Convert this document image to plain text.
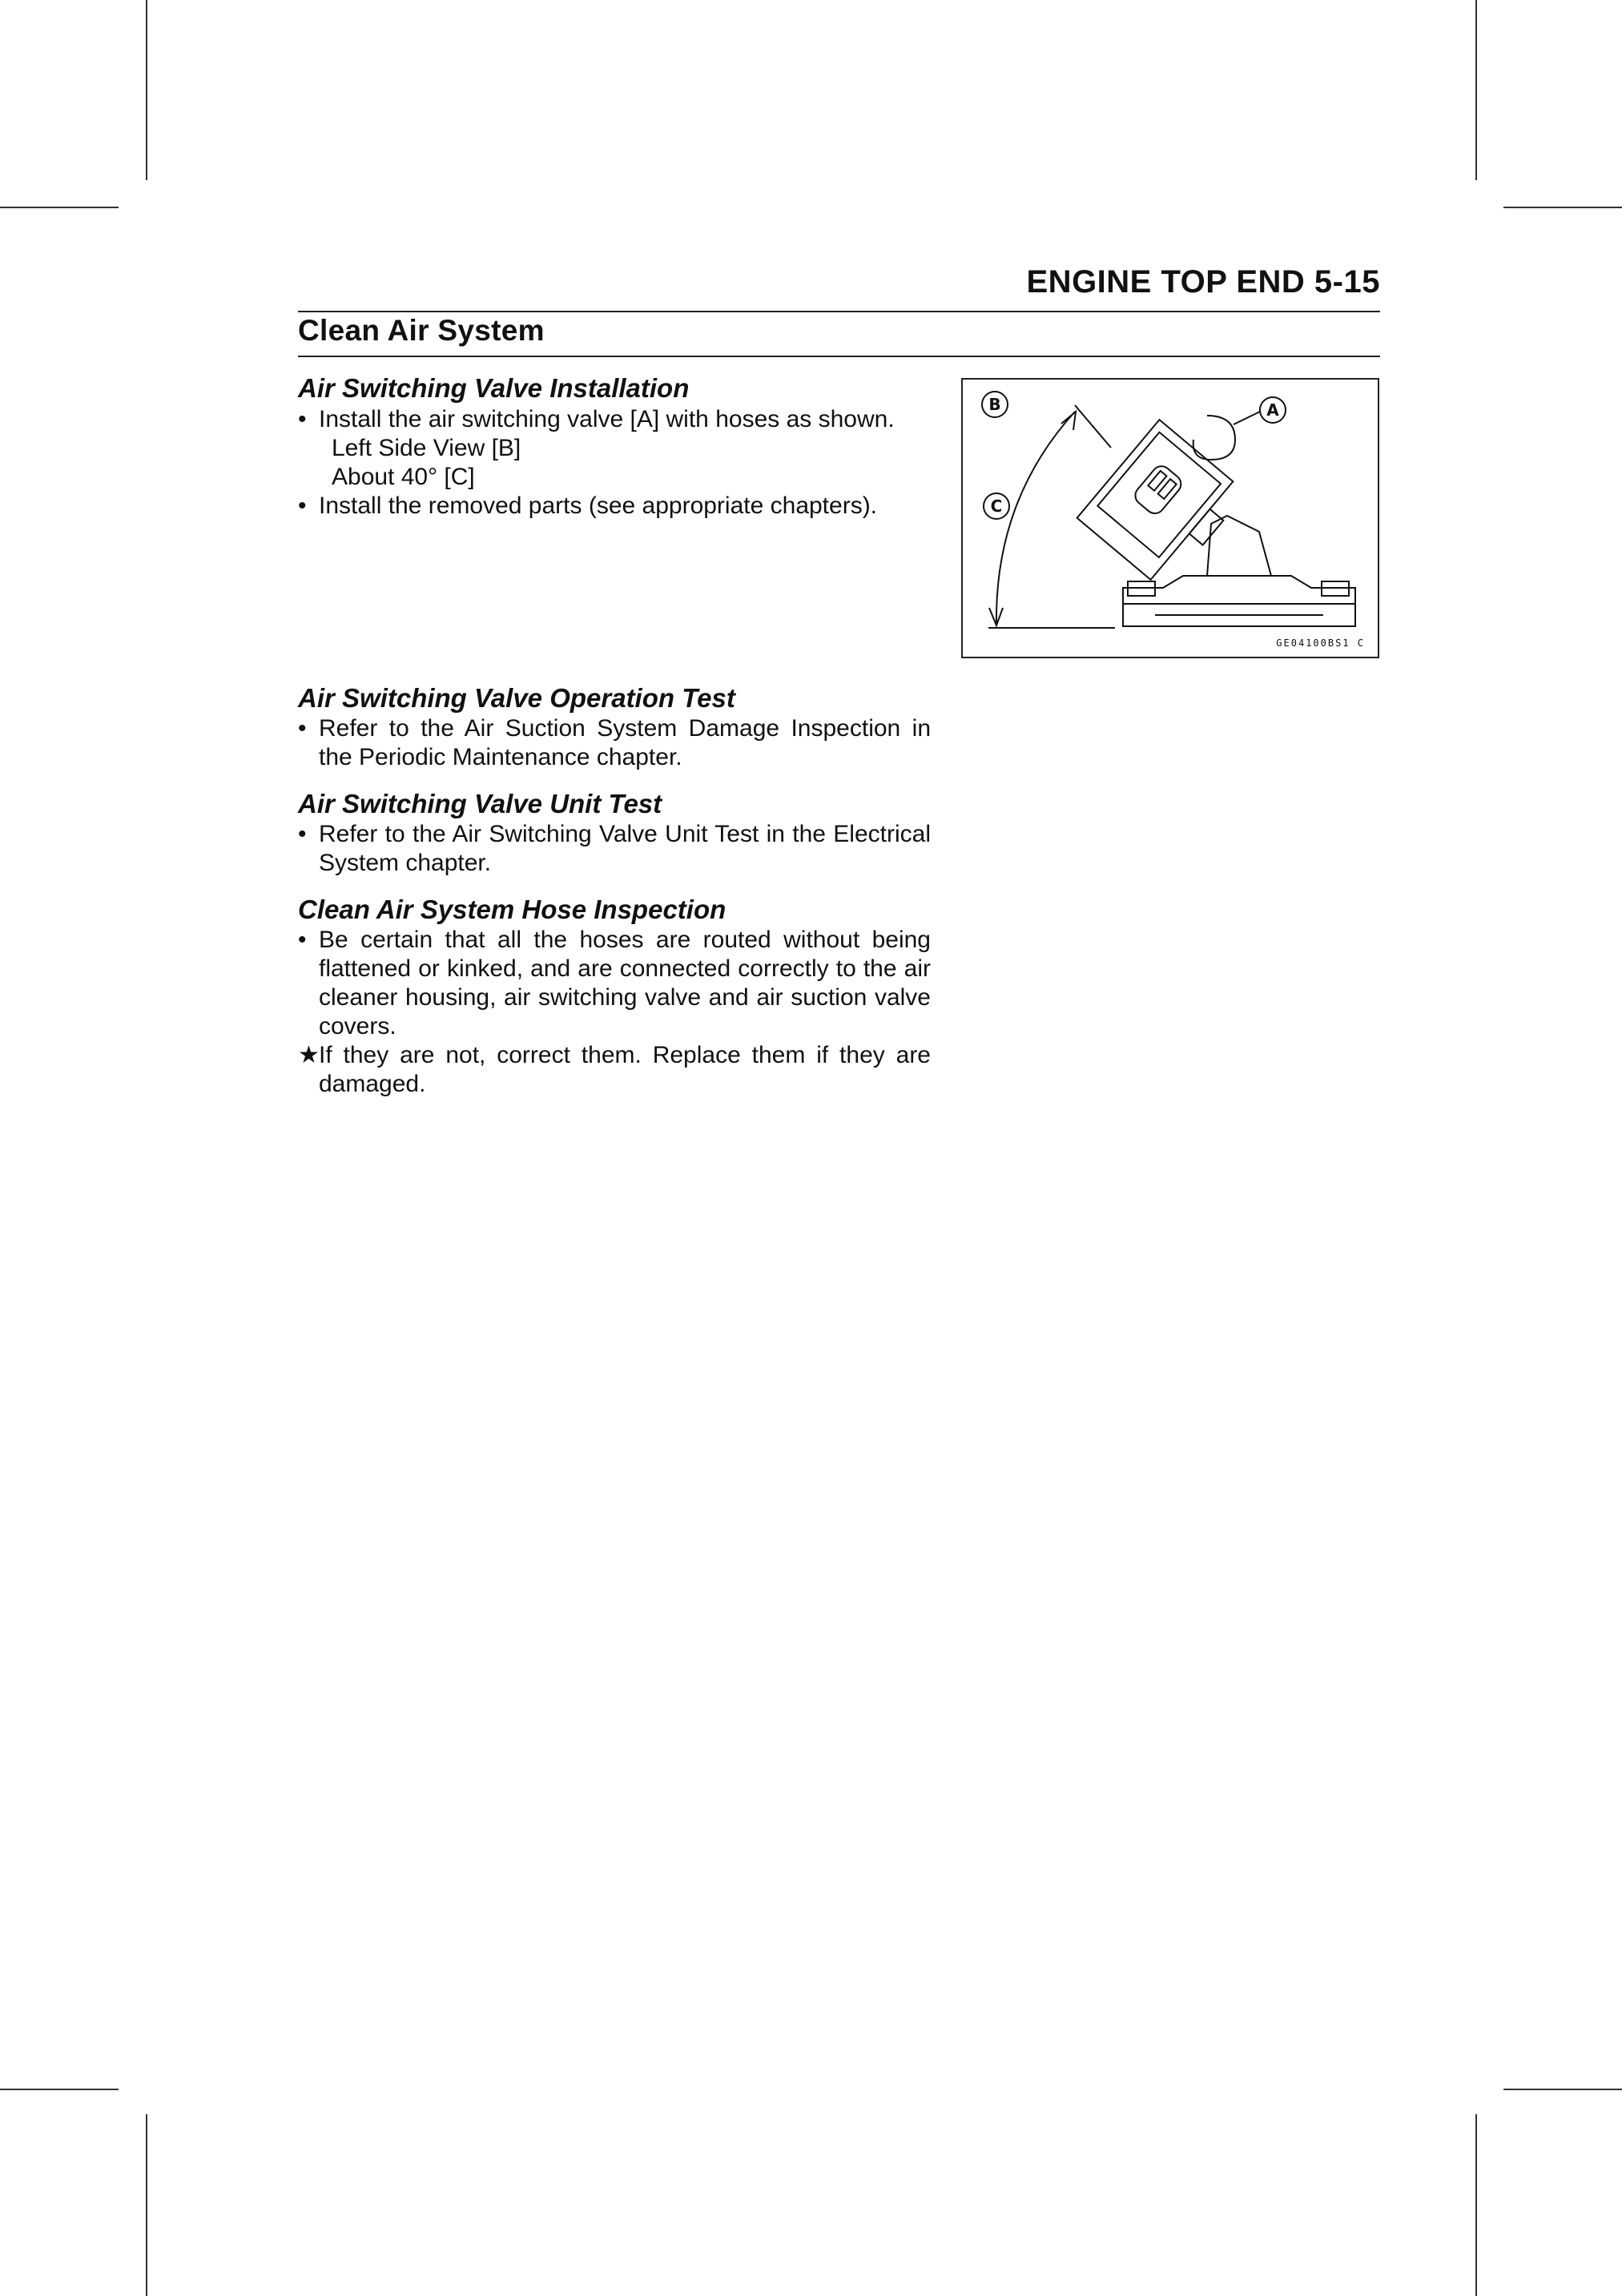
ENGINE TOP END 5-15
Clean Air System
Air Switching Valve Installation
• Install the air switching valve [A] with hoses as shown.
Left Side View [B]
About 40° [C]
• Install the removed parts (see appropriate chapters).
B	A
C
GE04100BS1 C
Air Switching Valve Operation Test
• Refer to the Air Suction System Damage Inspection in the Periodic Maintenance chapter.
Air Switching Valve Unit Test
• Refer to the Air Switching Valve Unit Test in the Electrical System chapter.
Clean Air System Hose Inspection
• Be certain that all the hoses are routed without being flattened or kinked, and are connected correctly to the air cleaner housing, air switching valve and air suction valve covers.
★ If they are not, correct them. Replace them if they are damaged.
